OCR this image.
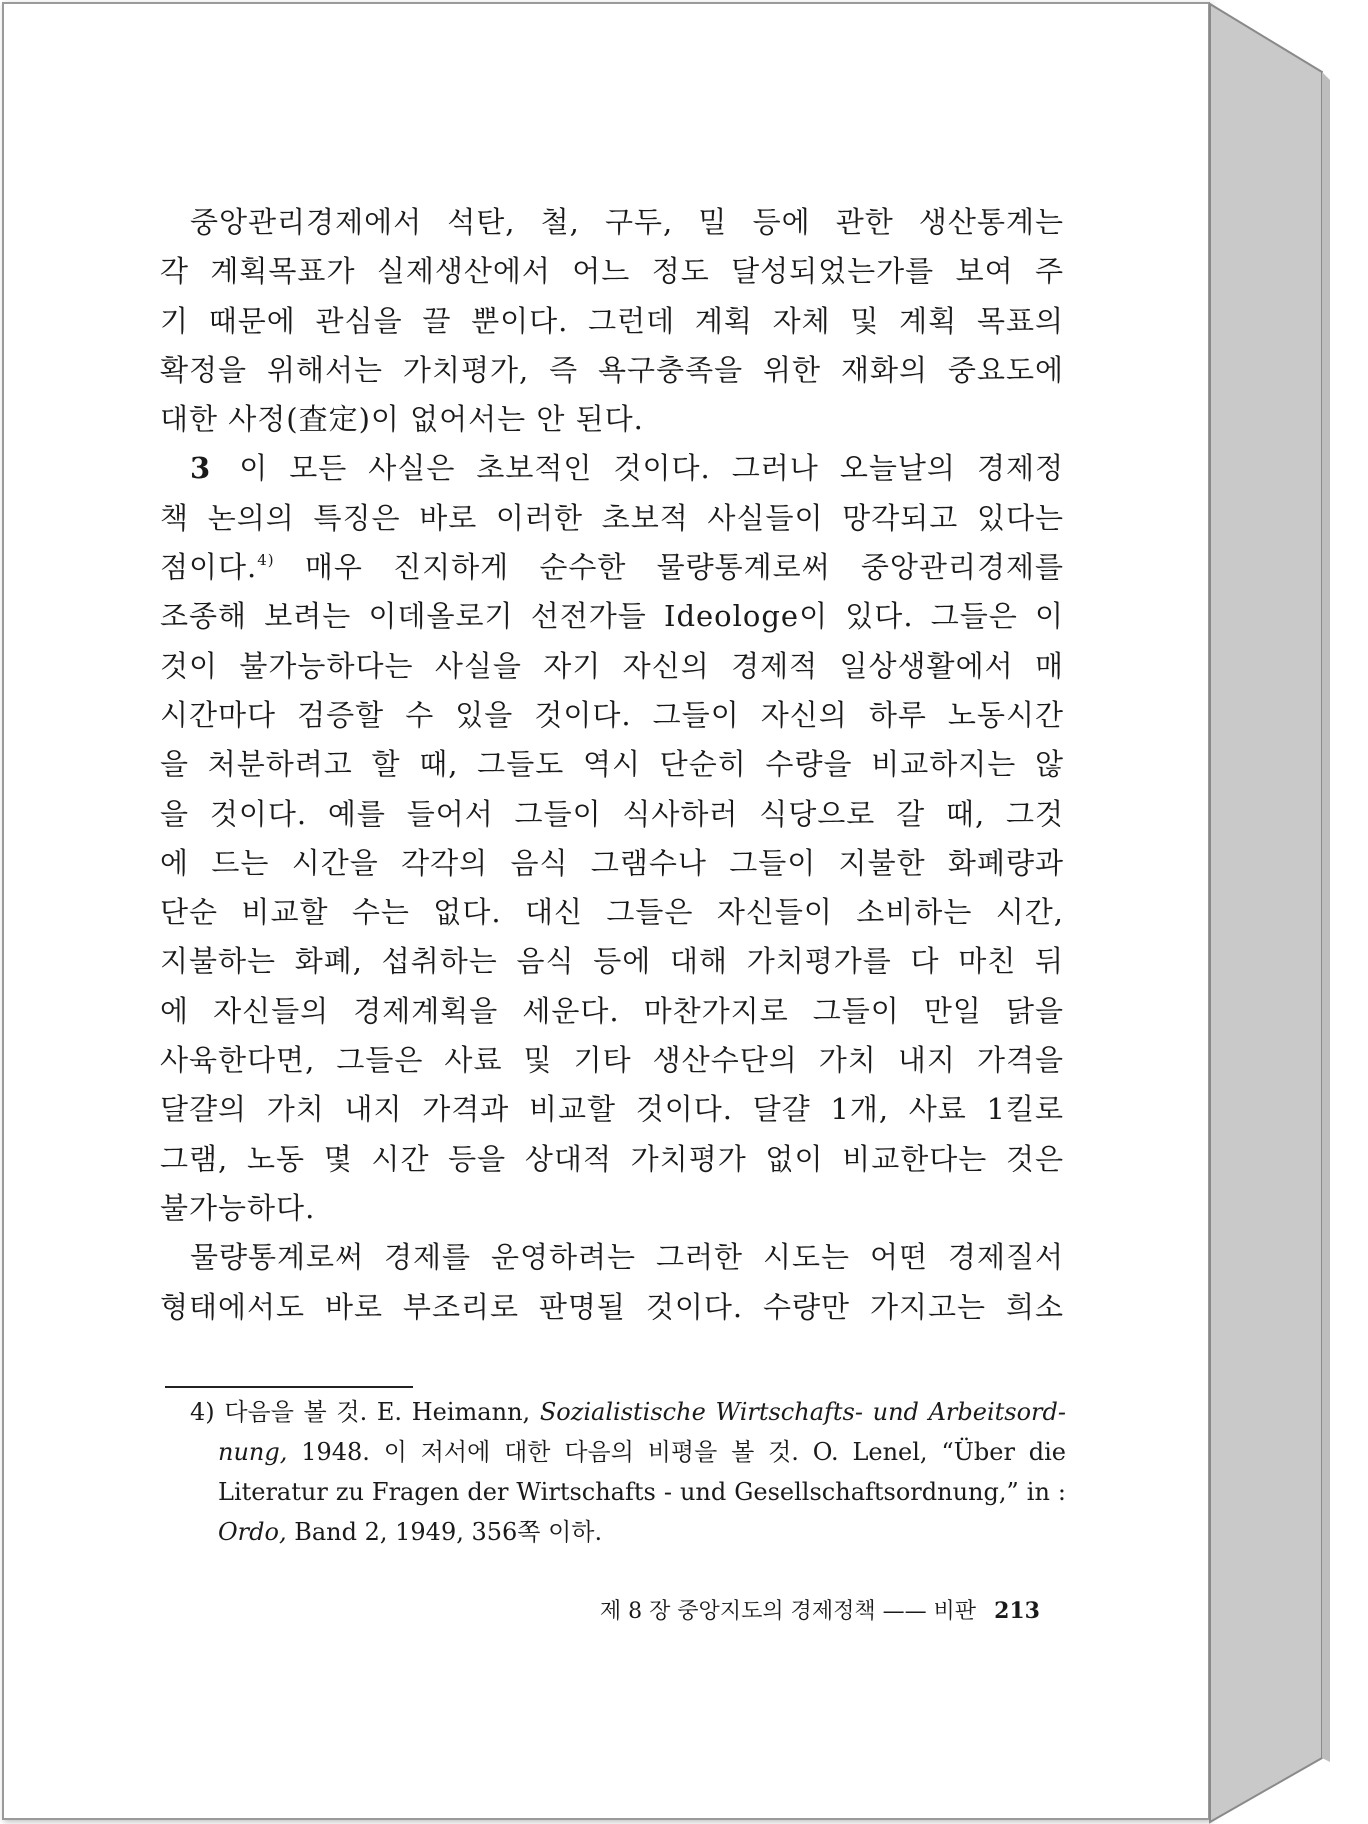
중앙관리경제에서 석탄, 철, 구두, 밀 등에 관한 생산통계는
각 계획목표가 실제생산에서 어느 정도 달성되었는가를 보여 주
기 때문에 관심을 끌 뿐이다. 그런데 계획 자체 및 계획 목표의
확정을 위해서는 가치평가, 즉 욕구충족을 위한 재화의 중요도에
대한 사정(査定)이 없어서는 안 된다.

3 이 모든 사실은 초보적인 것이다. 그러나 오늘날의 경제정
책 논의의 특징은 바로 이러한 초보적 사실들이 망각되고 있다는
점이다.$^{4)}$ 매우 진지하게 순수한 물량통계로써 중앙관리경제를
조종해 보려는 이데올로기 선전가들 Ideologe이 있다. 그들은 이
것이 불가능하다는 사실을 자기 자신의 경제적 일상생활에서 매
시간마다 검증할 수 있을 것이다. 그들이 자신의 하루 노동시간
을 처분하려고 할 때, 그들도 역시 단순히 수량을 비교하지는 않
을 것이다. 예를 들어서 그들이 식사하러 식당으로 갈 때, 그것
에 드는 시간을 각각의 음식 그램수나 그들이 지불한 화폐량과
단순 비교할 수는 없다. 대신 그들은 자신들이 소비하는 시간,
지불하는 화폐, 섭취하는 음식 등에 대해 가치평가를 다 마친 뒤
에 자신들의 경제계획을 세운다. 마찬가지로 그들이 만일 닭을
사육한다면, 그들은 사료 및 기타 생산수단의 가치 내지 가격을
달걀의 가치 내지 가격과 비교할 것이다. 달걀 1개, 사료 1킬로
그램, 노동 몇 시간 등을 상대적 가치평가 없이 비교한다는 것은
불가능하다.

물량통계로써 경제를 운영하려는 그러한 시도는 어떤 경제질서
형태에서도 바로 부조리로 판명될 것이다. 수량만 가지고는 희소

4) 다음을 볼 것. E. Heimann, Sozialistische Wirtschafts- und Arbeitsord-
nung, 1948. 이 저서에 대한 다음의 비평을 볼 것. O. Lenel, “Über die
Literatur zu Fragen der Wirtschafts - und Gesellschaftsordnung,” in :
Ordo, Band 2, 1949, 356쪽 이하.
제 8 장 중앙지도의 경제정책 —— 비판 213
